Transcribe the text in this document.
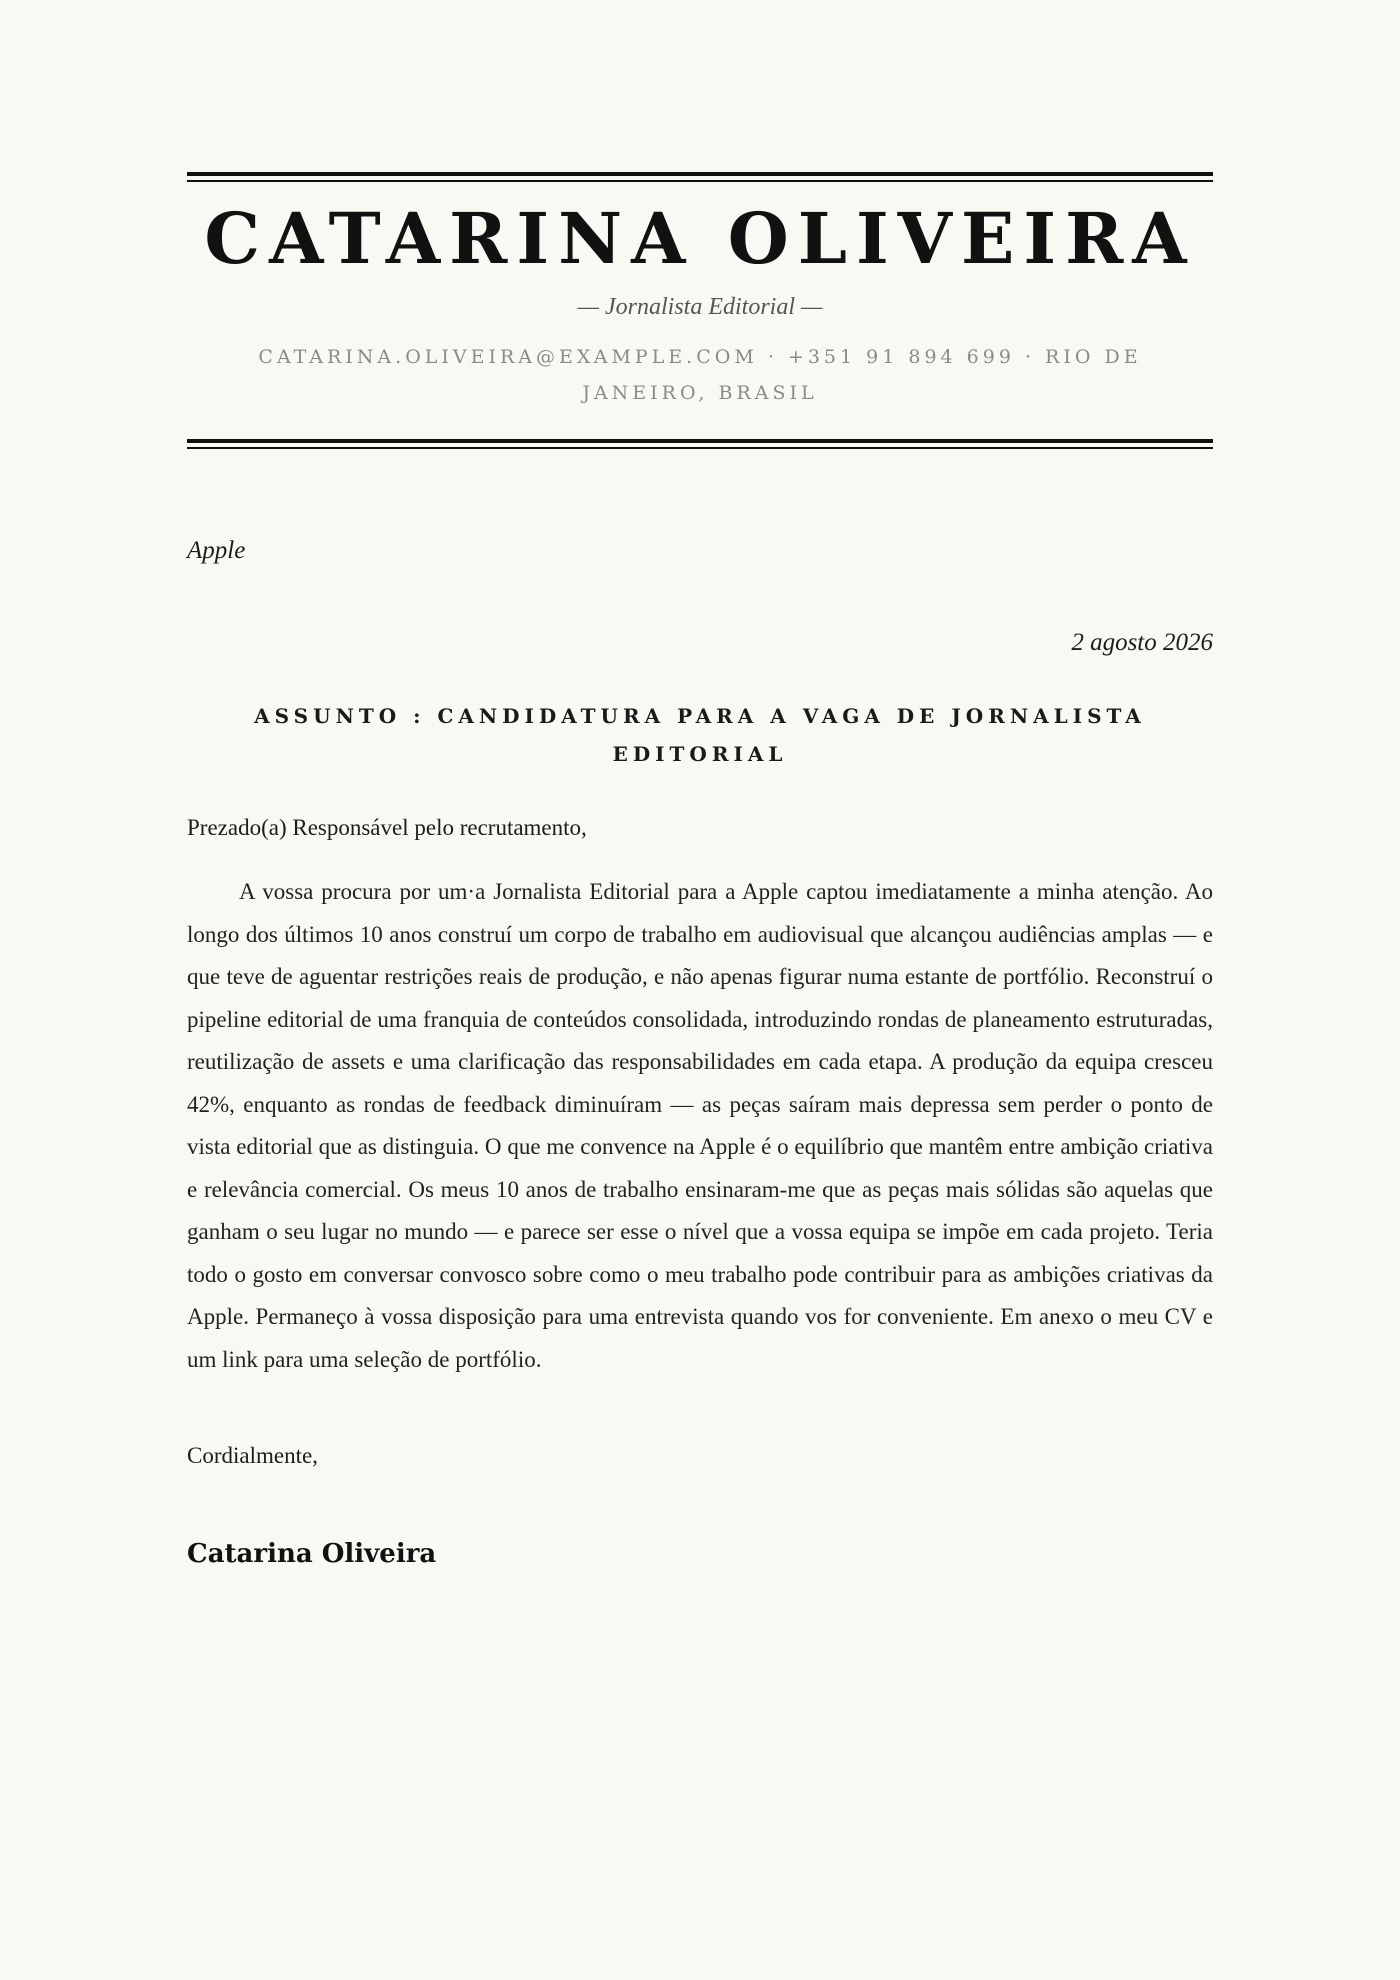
CATARINA OLIVEIRA
— Jornalista Editorial —
CATARINA.OLIVEIRA@EXAMPLE.COM · +351 91 894 699 · RIO DE JANEIRO, BRASIL
Apple
2 agosto 2026
ASSUNTO : CANDIDATURA PARA A VAGA DE JORNALISTA EDITORIAL
Prezado(a) Responsável pelo recrutamento,
A vossa procura por um·a Jornalista Editorial para a Apple captou imediatamente a minha atenção. Ao longo dos últimos 10 anos construí um corpo de trabalho em audiovisual que alcançou audiências amplas — e que teve de aguentar restrições reais de produção, e não apenas figurar numa estante de portfólio. Reconstruí o pipeline editorial de uma franquia de conteúdos consolidada, introduzindo rondas de planeamento estruturadas, reutilização de assets e uma clarificação das responsabilidades em cada etapa. A produção da equipa cresceu 42%, enquanto as rondas de feedback diminuíram — as peças saíram mais depressa sem perder o ponto de vista editorial que as distinguia. O que me convence na Apple é o equilíbrio que mantêm entre ambição criativa e relevância comercial. Os meus 10 anos de trabalho ensinaram-me que as peças mais sólidas são aquelas que ganham o seu lugar no mundo — e parece ser esse o nível que a vossa equipa se impõe em cada projeto. Teria todo o gosto em conversar convosco sobre como o meu trabalho pode contribuir para as ambições criativas da Apple. Permaneço à vossa disposição para uma entrevista quando vos for conveniente. Em anexo o meu CV e um link para uma seleção de portfólio.
Cordialmente,
Catarina Oliveira
